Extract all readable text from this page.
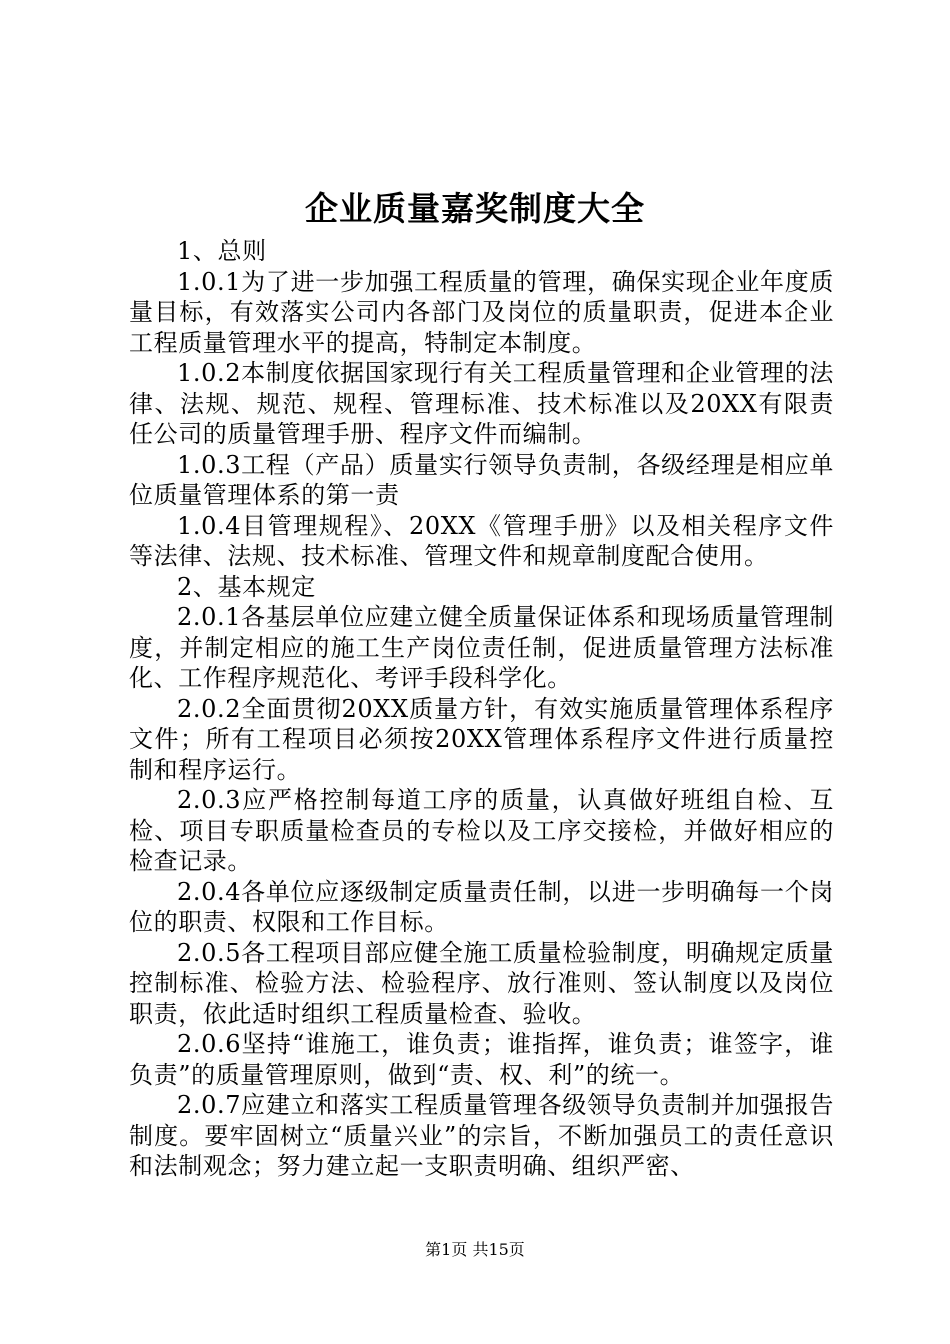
企业质量嘉奖制度大全

1、总则

1.0.1为了进一步加强工程质量的管理，确保实现企业年度质量目标，有效落实公司内各部门及岗位的质量职责，促进本企业工程质量管理水平的提高，特制定本制度。

1.0.2本制度依据国家现行有关工程质量管理和企业管理的法律、法规、规范、规程、管理标准、技术标准以及20XX有限责任公司的质量管理手册、程序文件而编制。

1.0.3工程（产品）质量实行领导负责制，各级经理是相应单位质量管理体系的第一责

1.0.4目管理规程》、20XX《管理手册》以及相关程序文件等法律、法规、技术标准、管理文件和规章制度配合使用。

2、基本规定

2.0.1各基层单位应建立健全质量保证体系和现场质量管理制度，并制定相应的施工生产岗位责任制，促进质量管理方法标准化、工作程序规范化、考评手段科学化。

2.0.2全面贯彻20XX质量方针，有效实施质量管理体系程序文件；所有工程项目必须按20XX管理体系程序文件进行质量控制和程序运行。

2.0.3应严格控制每道工序的质量，认真做好班组自检、互检、项目专职质量检查员的专检以及工序交接检，并做好相应的检查记录。

2.0.4各单位应逐级制定质量责任制，以进一步明确每一个岗位的职责、权限和工作目标。

2.0.5各工程项目部应健全施工质量检验制度，明确规定质量控制标准、检验方法、检验程序、放行准则、签认制度以及岗位职责，依此适时组织工程质量检查、验收。

2.0.6坚持“谁施工，谁负责；谁指挥，谁负责；谁签字，谁负责”的质量管理原则，做到“责、权、利”的统一。

2.0.7应建立和落实工程质量管理各级领导负责制并加强报告制度。要牢固树立“质量兴业”的宗旨，不断加强员工的责任意识和法制观念；努力建立起一支职责明确、组织严密、

第1页 共15页
